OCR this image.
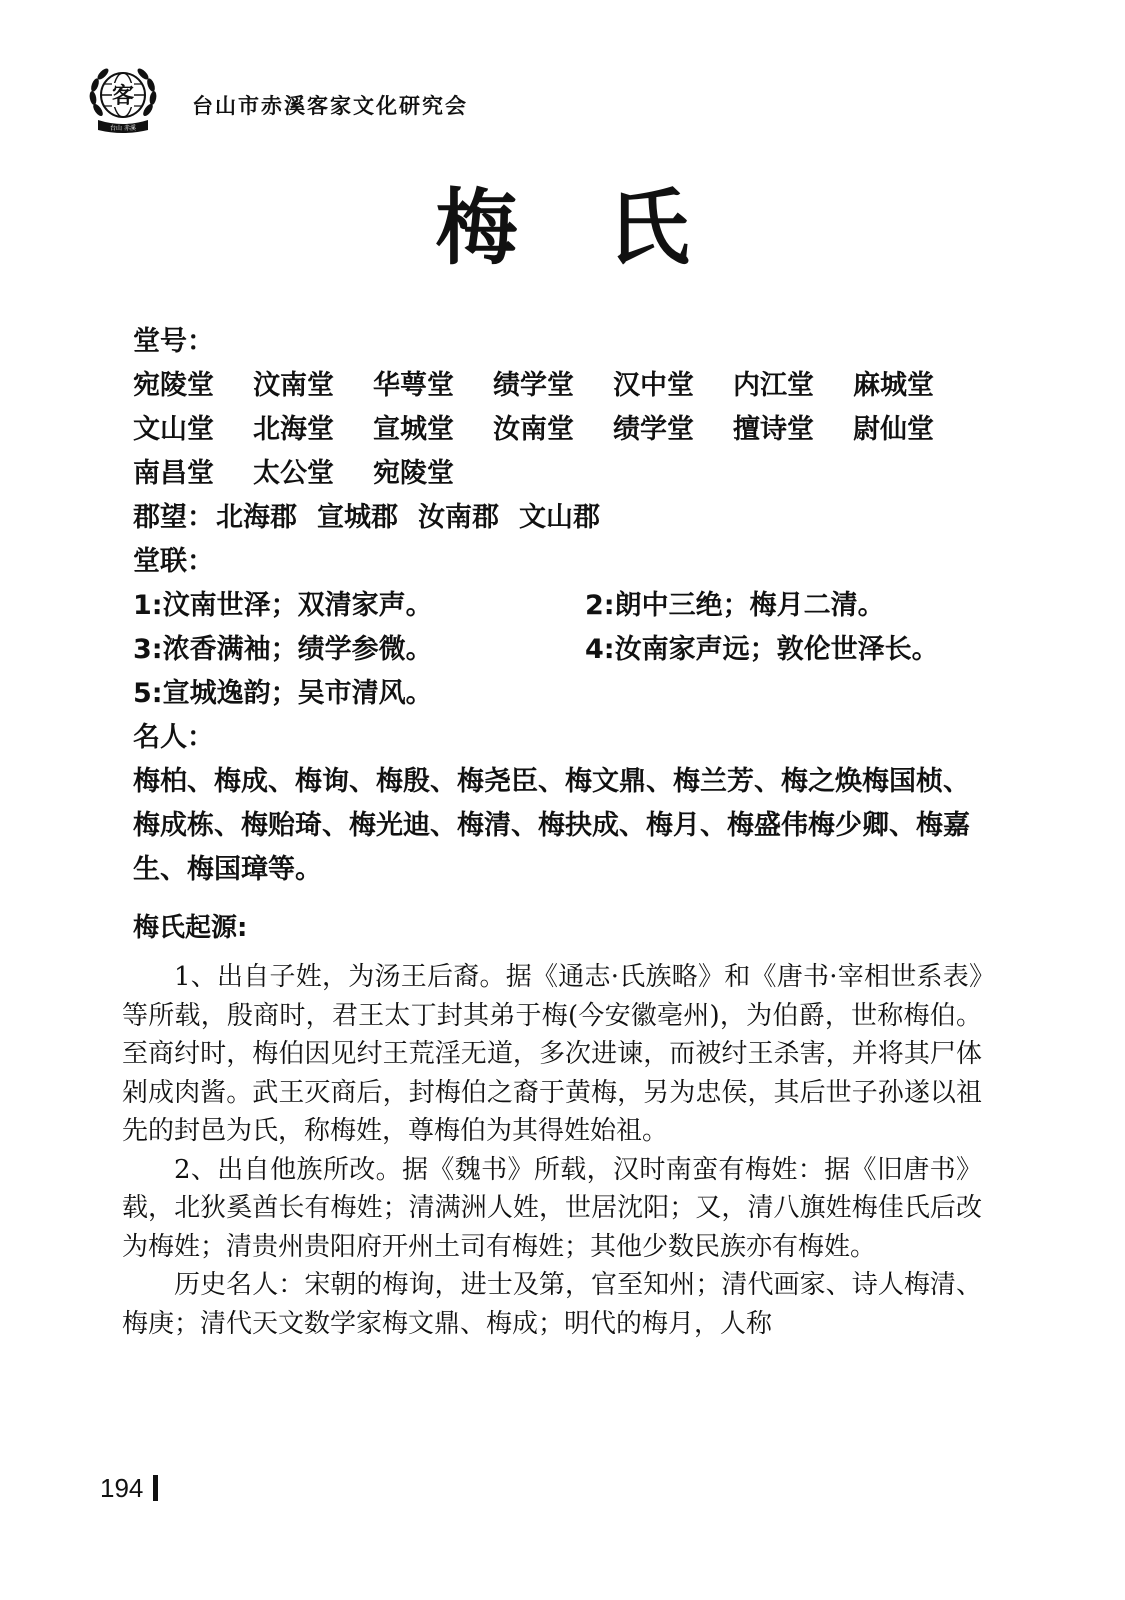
客
台山 赤溪
台山市赤溪客家文化研究会
梅 氏
堂号：
宛陵堂 汶南堂 华萼堂 绩学堂 汉中堂 内江堂 麻城堂
文山堂 北海堂 宣城堂 汝南堂 绩学堂 擅诗堂 尉仙堂
南昌堂 太公堂 宛陵堂
郡望：北海郡 宣城郡 汝南郡 文山郡
堂联：
1:汶南世泽；双清家声。	2:朗中三绝；梅月二清。
3:浓香满袖；绩学参微。	4:汝南家声远；敦伦世泽长。
5:宣城逸韵；吴市清风。
名人：
梅柏、梅成、梅询、梅殷、梅尧臣、梅文鼎、梅兰芳、梅之焕梅国桢、梅成栋、梅贻琦、梅光迪、梅清、梅抉成、梅月、梅盛伟梅少卿、梅嘉生、梅国璋等。
梅氏起源:

1、出自子姓，为汤王后裔。据《通志·氏族略》和《唐书·宰相世系表》等所载，殷商时，君王太丁封其弟于梅(今安徽亳州)，为伯爵，世称梅伯。至商纣时，梅伯因见纣王荒淫无道，多次进谏，而被纣王杀害，并将其尸体剁成肉酱。武王灭商后，封梅伯之裔于黄梅，另为忠侯，其后世子孙遂以祖先的封邑为氏，称梅姓，尊梅伯为其得姓始祖。

2、出自他族所改。据《魏书》所载，汉时南蛮有梅姓：据《旧唐书》载，北狄奚酋长有梅姓；清满洲人姓，世居沈阳；又，清八旗姓梅佳氏后改为梅姓；清贵州贵阳府开州土司有梅姓；其他少数民族亦有梅姓。

历史名人：宋朝的梅询，进士及第，官至知州；清代画家、诗人梅清、梅庚；清代天文数学家梅文鼎、梅成；明代的梅月，人称

194
